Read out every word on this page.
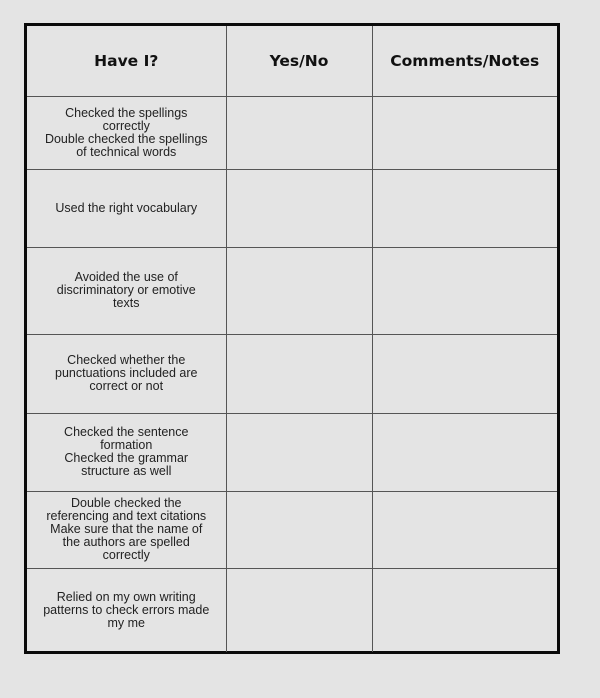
Have I?	Yes/No	Comments/Notes

Checked the spellings
correctly
Double checked the spellings
of technical words		

Used the right vocabulary		

Avoided the use of
discriminatory or emotive
texts		

Checked whether the
punctuations included are
correct or not		

Checked the sentence
formation
Checked the grammar
structure as well		

Double checked the
referencing and text citations
Make sure that the name of
the authors are spelled
correctly		

Relied on my own writing
patterns to check errors made
my me		
